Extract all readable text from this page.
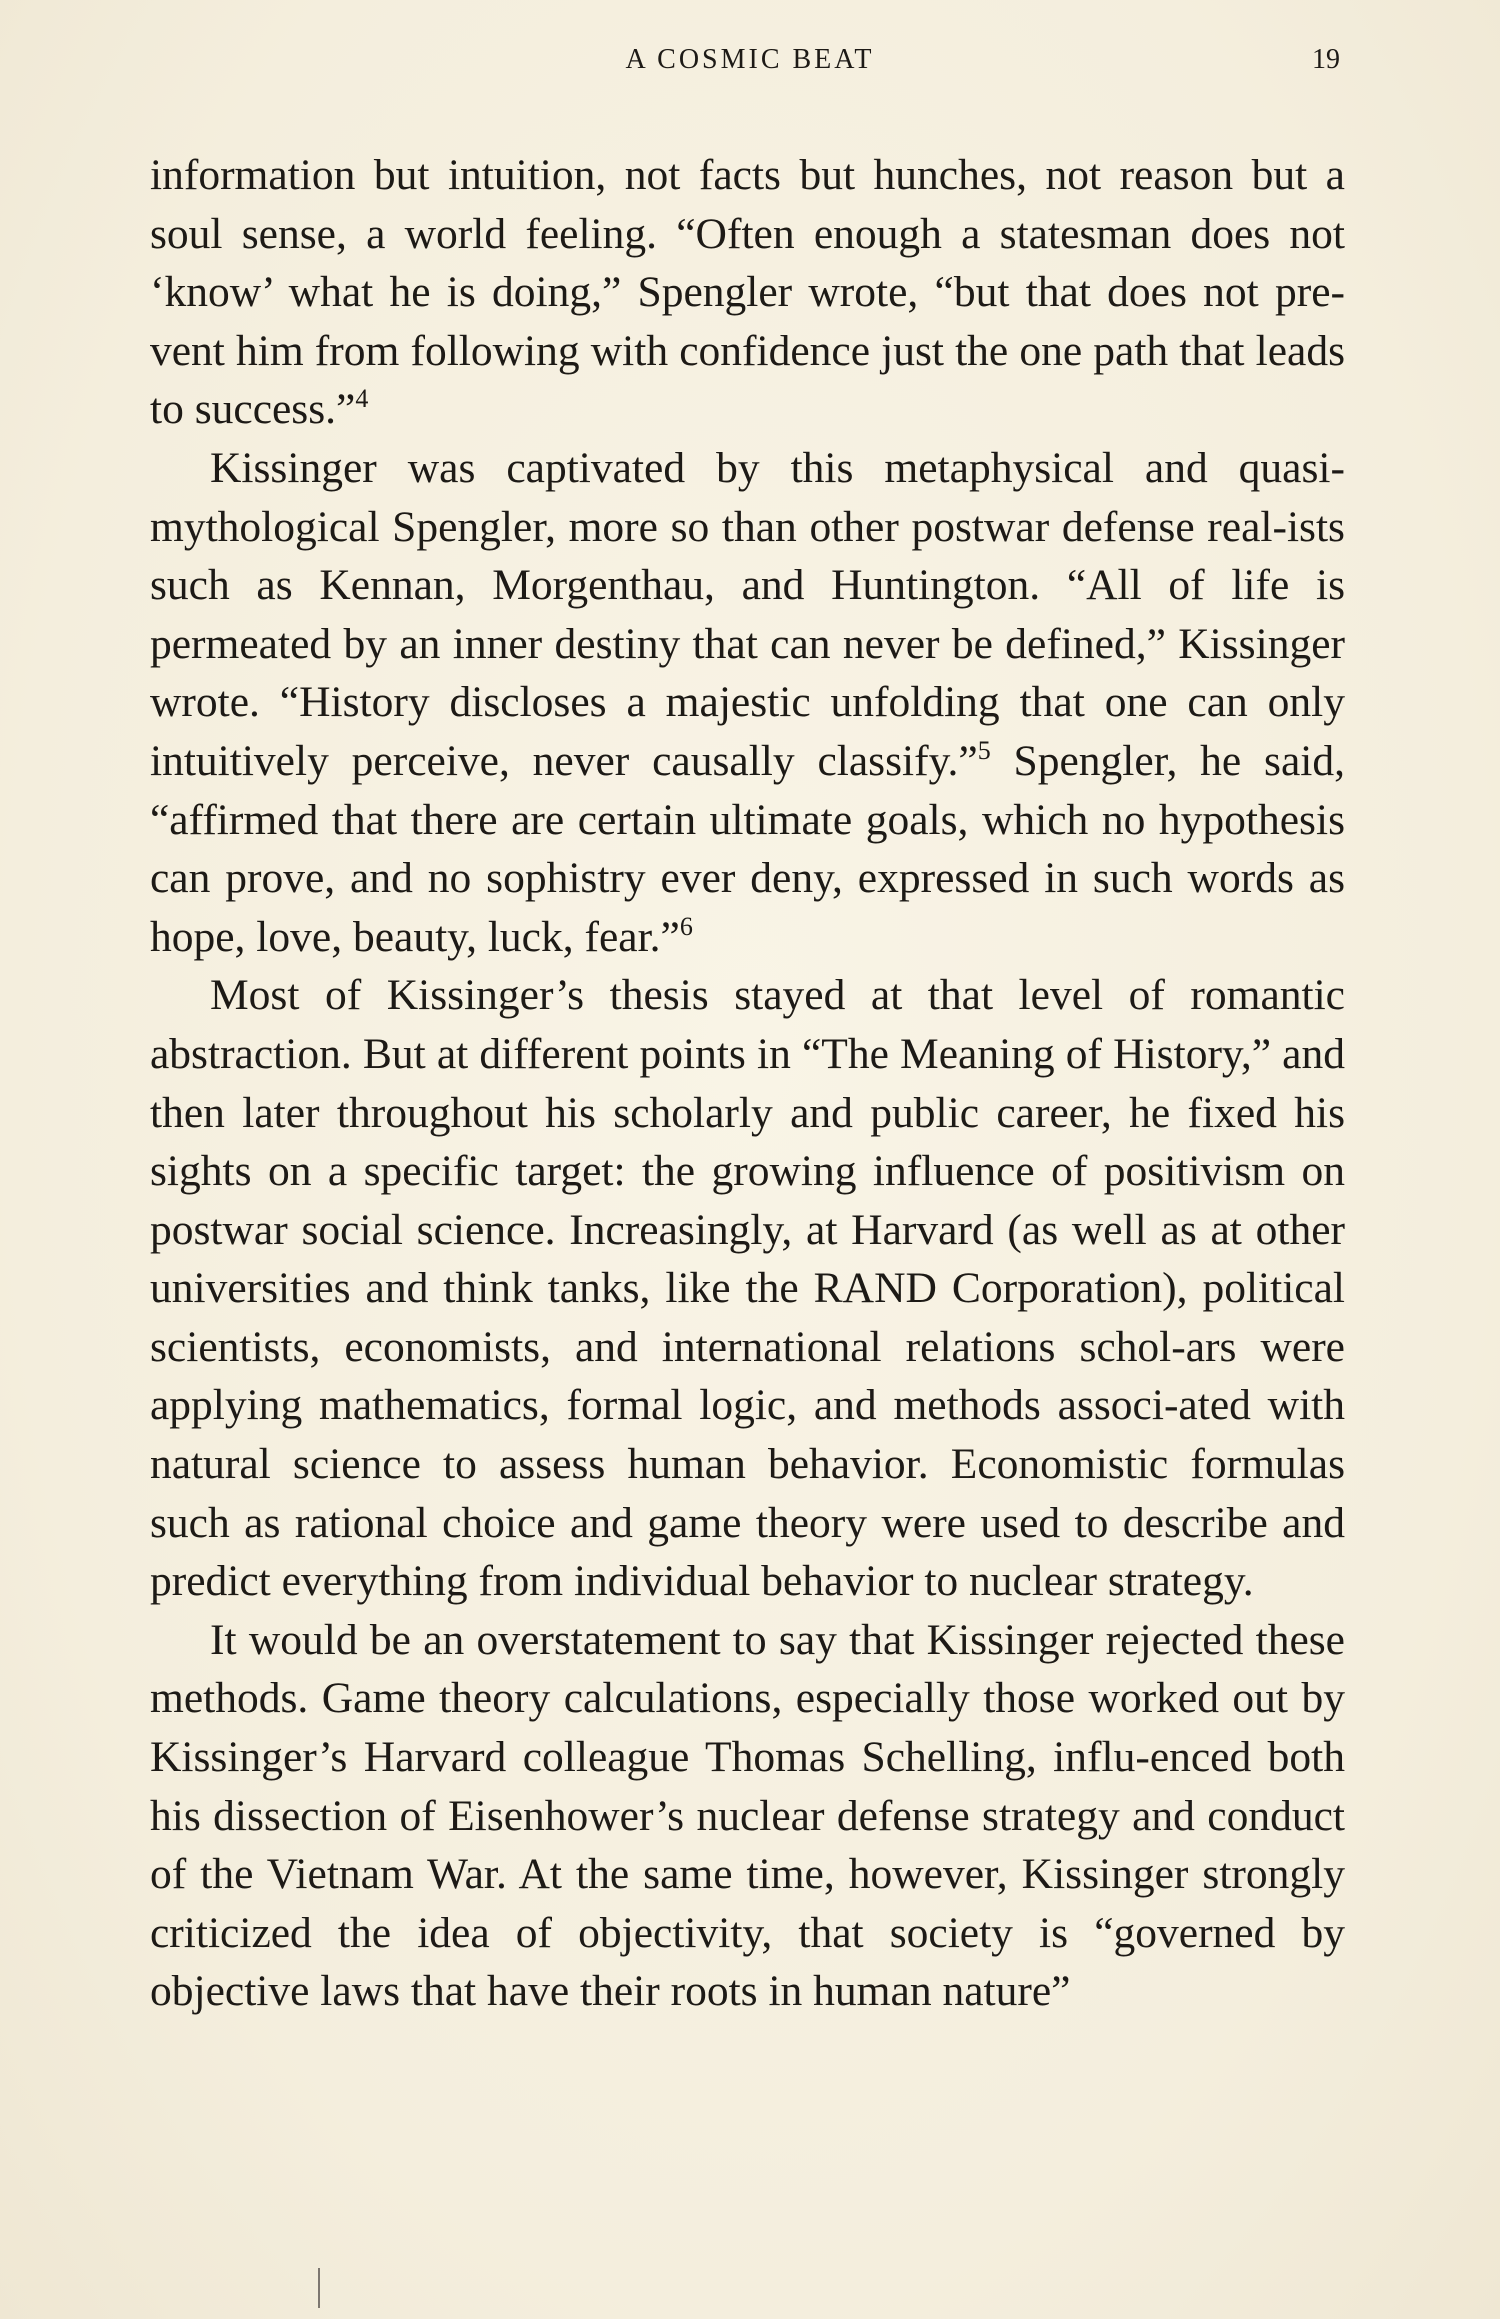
A COSMIC BEAT	19

information but intuition, not facts but hunches, not reason but a soul sense, a world feeling. “Often enough a statesman does not ‘know’ what he is doing,” Spengler wrote, “but that does not pre-vent him from following with confidence just the one path that leads to success.”$^4$

Kissinger was captivated by this metaphysical and quasi-mythological Spengler, more so than other postwar defense real-ists such as Kennan, Morgenthau, and Huntington. “All of life is permeated by an inner destiny that can never be defined,” Kissinger wrote. “History discloses a majestic unfolding that one can only intuitively perceive, never causally classify.”$^5$ Spengler, he said, “affirmed that there are certain ultimate goals, which no hypothesis can prove, and no sophistry ever deny, expressed in such words as hope, love, beauty, luck, fear.”$^6$

Most of Kissinger’s thesis stayed at that level of romantic abstraction. But at different points in “The Meaning of History,” and then later throughout his scholarly and public career, he fixed his sights on a specific target: the growing influence of positivism on postwar social science. Increasingly, at Harvard (as well as at other universities and think tanks, like the RAND Corporation), political scientists, economists, and international relations schol-ars were applying mathematics, formal logic, and methods associ-ated with natural science to assess human behavior. Economistic formulas such as rational choice and game theory were used to describe and predict everything from individual behavior to nuclear strategy.

It would be an overstatement to say that Kissinger rejected these methods. Game theory calculations, especially those worked out by Kissinger’s Harvard colleague Thomas Schelling, influ-enced both his dissection of Eisenhower’s nuclear defense strategy and conduct of the Vietnam War. At the same time, however, Kissinger strongly criticized the idea of objectivity, that society is “governed by objective laws that have their roots in human nature”
